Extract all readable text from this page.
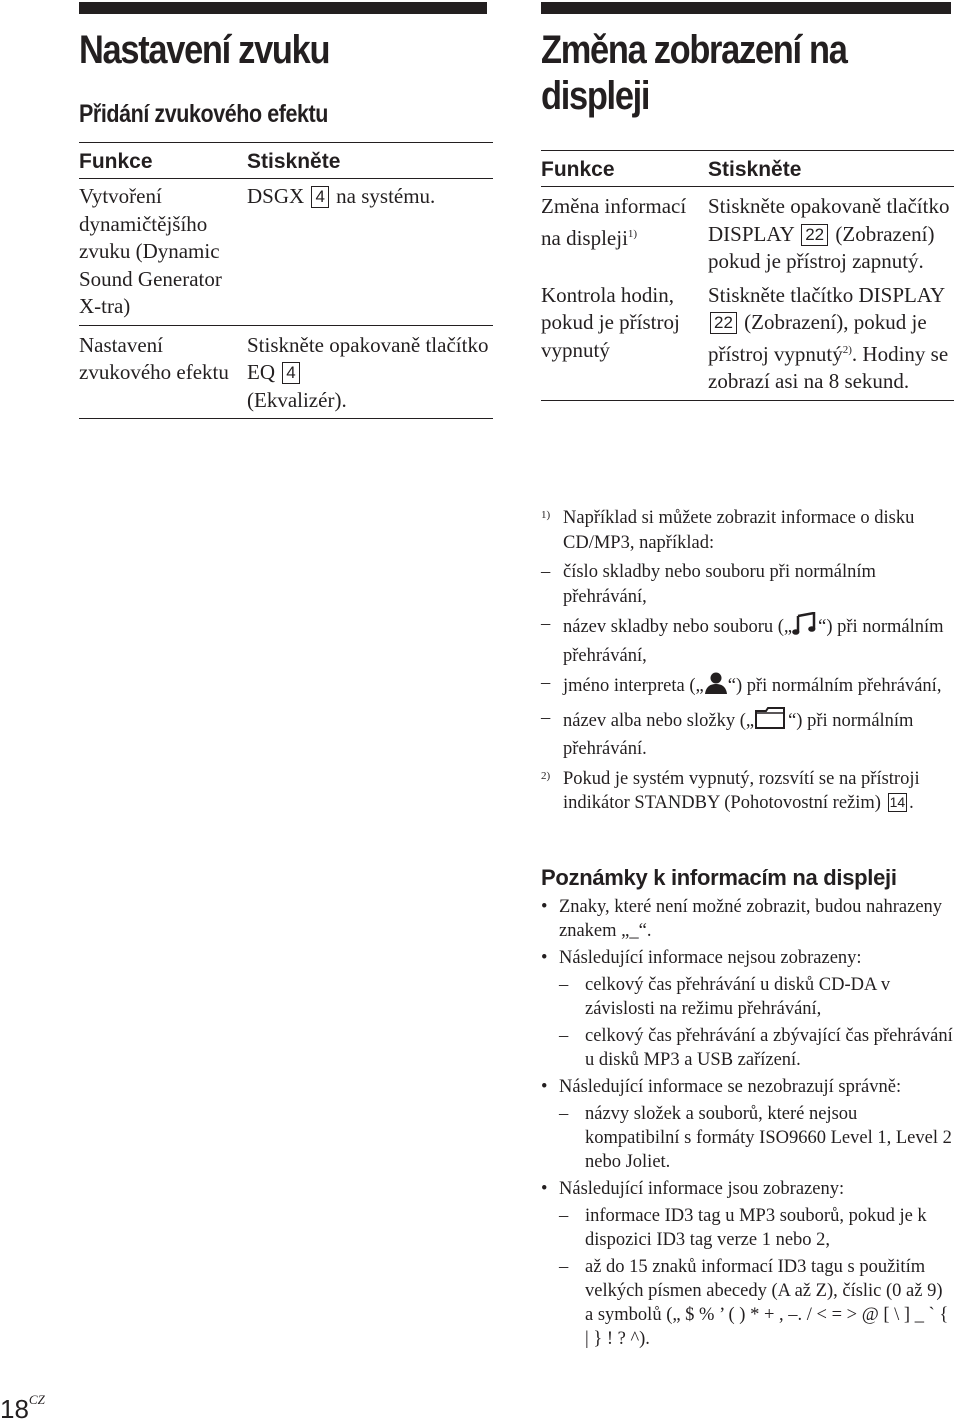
Nastavení zvuku
Přidání zvukového efektu
Funkce	Stiskněte
Vytvoření dynamičtějšího zvuku (Dynamic Sound Generator X-tra)
DSGX 4 na systému.
Nastavení zvukového efektu
Stiskněte opakovaně tlačítko EQ 4
(Ekvalizér).
Změna zobrazení na displeji
Funkce	Stiskněte
Změna informací na displeji$^{1)}$
Stiskněte opakovaně tlačítko DISPLAY 22 (Zobrazení) pokud je přístroj zapnutý.
Kontrola hodin, pokud je přístroj vypnutý
Stiskněte tlačítko DISPLAY 22 (Zobrazení), pokud je přístroj vypnutý$^{2)}$. Hodiny se zobrazí asi na 8 sekund.

1) Například si můžete zobrazit informace o disku CD/MP3, například:

– číslo skladby nebo souboru při normálním přehrávání,

– název skladby nebo souboru („ “) při normálním přehrávání,

– jméno interpreta („ “) při normálním přehrávání,

– název alba nebo složky („ “) při normálním přehrávání.

2) Pokud je systém vypnutý, rozsvítí se na přístroji indikátor STANDBY (Pohotovostní režim) 14 .

Poznámky k informacím na displeji
• Znaky, které není možné zobrazit, budou nahrazeny znakem „_“.
• Následující informace nejsou zobrazeny:
– celkový čas přehrávání u disků CD-DA v závislosti na režimu přehrávání,
– celkový čas přehrávání a zbývající čas přehrávání u disků MP3 a USB zařízení.
• Následující informace se nezobrazují správně:
– názvy složek a souborů, které nejsou kompatibilní s formáty ISO9660 Level 1, Level 2 nebo Joliet.
• Následující informace jsou zobrazeny:
– informace ID3 tag u MP3 souborů, pokud je k dispozici ID3 tag verze 1 nebo 2,
– až do 15 znaků informací ID3 tagu s použitím velkých písmen abecedy (A až Z), číslic (0 až 9) a symbolů („ $ % ’ ( ) * + , –. / < = > @ [ \ ] _ ` { | } ! ? ^).
$18^{CZ}$
